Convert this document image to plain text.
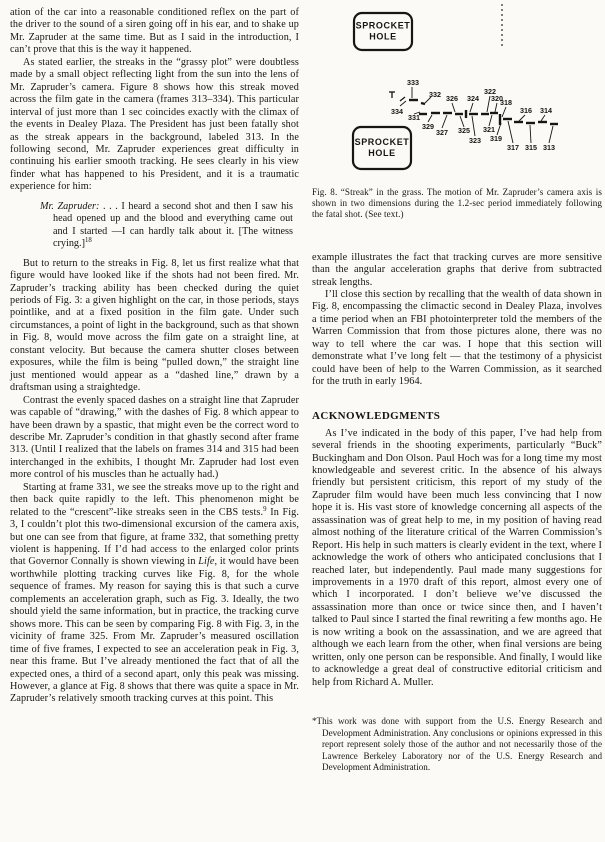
ation of the car into a reasonable conditioned reflex on the part of the driver to the sound of a siren going off in his ear, and to shake up Mr. Zapruder at the same time. But as I said in the introduction, I can’t prove that this is the way it happened.

As stated earlier, the streaks in the “grassy plot” were doubtless made by a small object reflecting light from the sun into the lens of Mr. Zapruder’s camera. Figure 8 shows how this streak moved across the film gate in the camera (frames 313–334). This particular interval of just more than 1 sec coincides exactly with the climax of the events in Dealey Plaza. The President has just been fatally shot as the streak appears in the background, labeled 313. In the following second, Mr. Zapruder experiences great difficulty in continuing his earlier smooth tracking. He sees clearly in his view finder what has happened to his President, and it is a traumatic experience for him:

Mr. Zapruder: . . . I heard a second shot and then I saw his head opened up and the blood and everything came out and I started —I can hardly talk about it. [The witness crying.]$^{18}$

But to return to the streaks in Fig. 8, let us first realize what that figure would have looked like if the shots had not been fired. Mr. Zapruder’s tracking ability has been checked during the quiet periods of Fig. 3: a given highlight on the car, in those periods, stays pointlike, and at a fixed position in the film gate. Under such circumstances, a point of light in the background, such as that shown in Fig. 8, would move across the film gate on a straight line, at constant velocity. But because the camera shutter closes between exposures, while the film is being “pulled down,” the straight line just mentioned would appear as a “dashed line,” drawn by a draftsman using a straightedge.

Contrast the evenly spaced dashes on a straight line that Zapruder was capable of “drawing,” with the dashes of Fig. 8 which appear to have been drawn by a spastic, that might even be the correct word to describe Mr. Zapruder’s condition in that ghastly second after frame 313. (Until I realized that the labels on frames 314 and 315 had been interchanged in the exhibits, I thought Mr. Zapruder had lost even more control of his muscles than he actually had.)

Starting at frame 331, we see the streaks move up to the right and then back quite rapidly to the left. This phenomenon might be related to the “crescent”-like streaks seen in the CBS tests.$^9$ In Fig. 3, I couldn’t plot this two-dimensional excursion of the camera axis, but one can see from that figure, at frame 332, that something pretty violent is happening. If I’d had access to the enlarged color prints that Governor Connally is shown viewing in Life, it would have been worthwhile plotting tracking curves like Fig. 8, for the whole sequence of frames. My reason for saying this is that such a curve complements an acceleration graph, such as Fig. 3. Ideally, the two should yield the same information, but in practice, the tracking curve shows more. This can be seen by comparing Fig. 8 with Fig. 3, in the vicinity of frame 325. From Mr. Zapruder’s measured oscillation time of five frames, I expected to see an acceleration peak in Fig. 3, near this frame. But I’ve already mentioned the fact that of all the expected ones, a third of a second apart, only this peak was missing. However, a glance at Fig. 8 shows that there was quite a space in Mr. Zapruder’s relatively smooth tracking curves at this point. This

SPROCKET
HOLE
SPROCKET
HOLE
333
332 326 324
322
320
318
316 314
334
331
329
327 325
323
321
319
317 315 313
Fig. 8. “Streak” in the grass. The motion of Mr. Zapruder’s camera axis is shown in two dimensions during the 1.2-sec period immediately following the fatal shot. (See text.)

example illustrates the fact that tracking curves are more sensitive than the angular acceleration graphs that derive from subtracted streak lengths.

I’ll close this section by recalling that the wealth of data shown in Fig. 8, encompassing the climactic second in Dealey Plaza, involves a time period when an FBI photointerpreter told the members of the Warren Commission that from those pictures alone, there was no way to tell where the car was. I hope that this section will demonstrate what I’ve long felt — that the testimony of a physicist could have been of help to the Warren Commission, as it searched for the truth in early 1964.

ACKNOWLEDGMENTS

As I’ve indicated in the body of this paper, I’ve had help from several friends in the shooting experiments, particularly “Buck” Buckingham and Don Olson. Paul Hoch was for a long time my most knowledgeable and severest critic. In the absence of his always friendly but persistent criticism, this report of my study of the Zapruder film would have been much less convincing that I now hope it is. His vast store of knowledge concerning all aspects of the assassination was of great help to me, in my position of having read almost nothing of the literature critical of the Warren Commission’s Report. His help in such matters is clearly evident in the text, where I acknowledge the work of others who anticipated conclusions that I reached later, but independently. Paul made many suggestions for improvements in a 1970 draft of this report, almost every one of which I incorporated. I don’t believe we’ve discussed the assassination more than once or twice since then, and I haven’t talked to Paul since I started the final rewriting a few months ago. He is now writing a book on the assassination, and we are agreed that although we each learn from the other, when final versions are being written, only one person can be responsible. And finally, I would like to acknowledge a great deal of constructive editorial criticism and help from Richard A. Muller.

*This work was done with support from the U.S. Energy Research and Development Administration. Any conclusions or opinions expressed in this report represent solely those of the author and not necessarily those of the Lawrence Berkeley Laboratory nor of the U.S. Energy Research and Development Administration.
